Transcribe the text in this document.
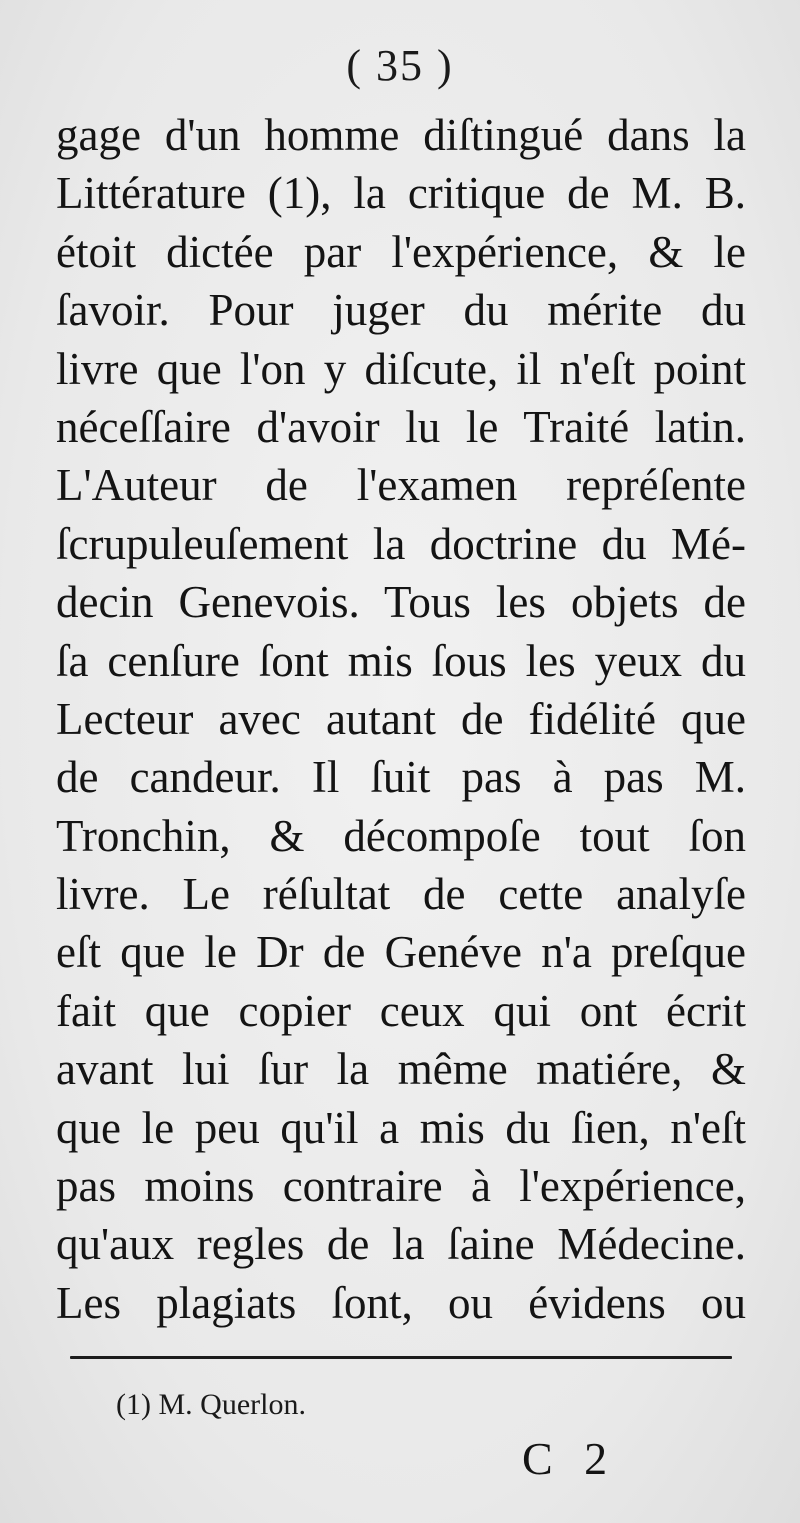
( 35 )
gage d'un homme diſtingué dans la
Littérature (1), la critique de M. B.
étoit dictée par l'expérience, & le
ſavoir. Pour juger du mérite du
livre que l'on y diſcute, il n'eſt point
néceſſaire d'avoir lu le Traité latin.
L'Auteur de l'examen repréſente
ſcrupuleuſement la doctrine du Mé-
decin Genevois. Tous les objets de
ſa cenſure ſont mis ſous les yeux du
Lecteur avec autant de fidélité que
de candeur. Il ſuit pas à pas M.
Tronchin, & décompoſe tout ſon
livre. Le réſultat de cette analyſe
eſt que le Dr de Genéve n'a preſque
fait que copier ceux qui ont écrit
avant lui ſur la même matiére, &
que le peu qu'il a mis du ſien, n'eſt
pas moins contraire à l'expérience,
qu'aux regles de la ſaine Médecine.
Les plagiats ſont, ou évidens ou
(1) M. Querlon.
C 2
